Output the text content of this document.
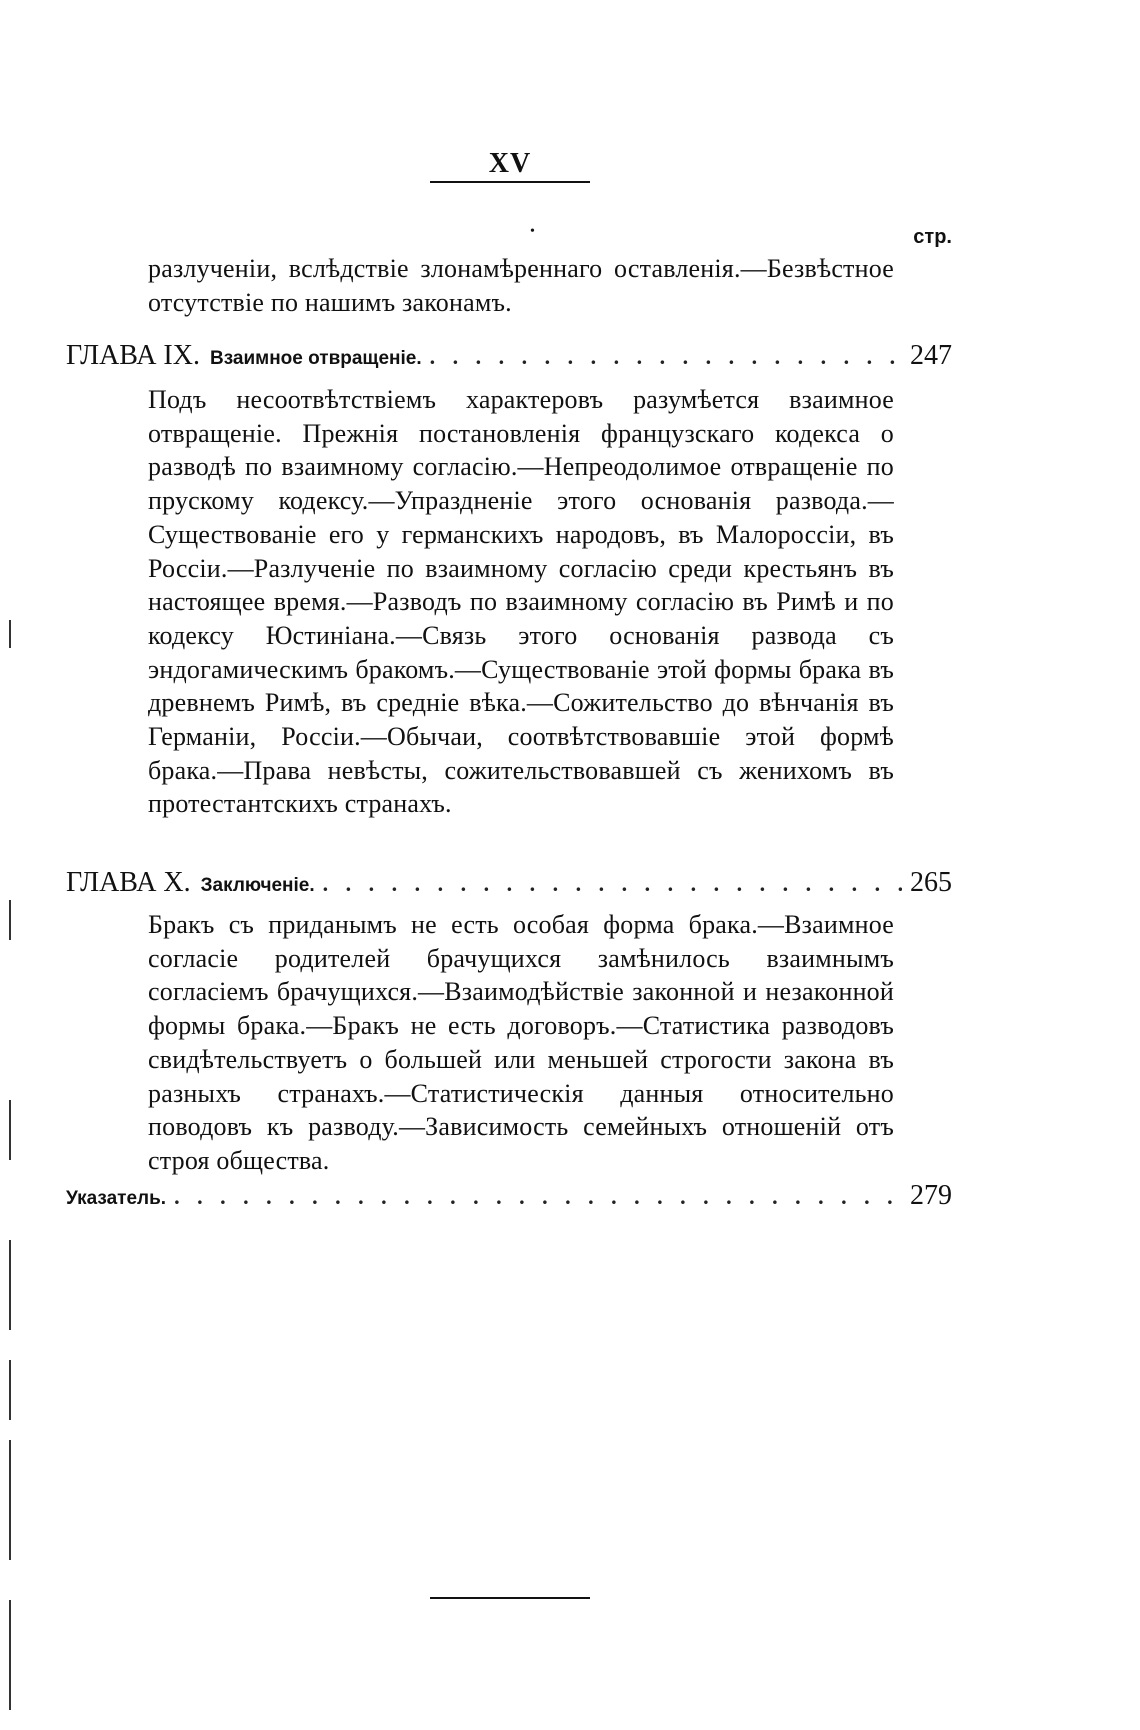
XV
•	стр.
разлученіи, вслѣдствіе злонамѣреннаго оставленія.—Безвѣстное отсутствіе по нашимъ законамъ.
ГЛАВА IX. Взаимное отвращеніе. . . .	247
Подъ несоотвѣтствіемъ характеровъ разумѣется взаимное отвращеніе. Прежнія постановленія французскаго кодекса о разводѣ по взаимному согласію.—Непреодолимое отвращеніе по прускому кодексу.—Упраздненіе этого основанія развода.—Существованіе его у германскихъ народовъ, въ Малороссіи, въ Россіи.—Разлученіе по взаимному согласію среди крестьянъ въ настоящее время.—Разводъ по взаимному согласію въ Римѣ и по кодексу Юстиніана.—Связь этого основанія развода съ эндогамическимъ бракомъ.—Существованіе этой формы брака въ древнемъ Римѣ, въ средніе вѣка.—Сожительство до вѣнчанія въ Германіи, Россіи.—Обычаи, соотвѣтствовавшіе этой формѣ брака.—Права невѣсты, сожительствовавшей съ женихомъ въ протестантскихъ странахъ.
ГЛАВА X. Заключеніе. . . .	265
Бракъ съ приданымъ не есть особая форма брака.—Взаимное согласіе родителей брачущихся замѣнилось взаимнымъ согласіемъ брачущихся.—Взаимодѣйствіе законной и незаконной формы брака.—Бракъ не есть договоръ.—Статистика разводовъ свидѣтельствуетъ о большей или меньшей строгости закона въ разныхъ странахъ.—Статистическія данныя относительно поводовъ къ разводу.—Зависимость семейныхъ отношеній отъ строя общества.
Указатель. . . .	279
